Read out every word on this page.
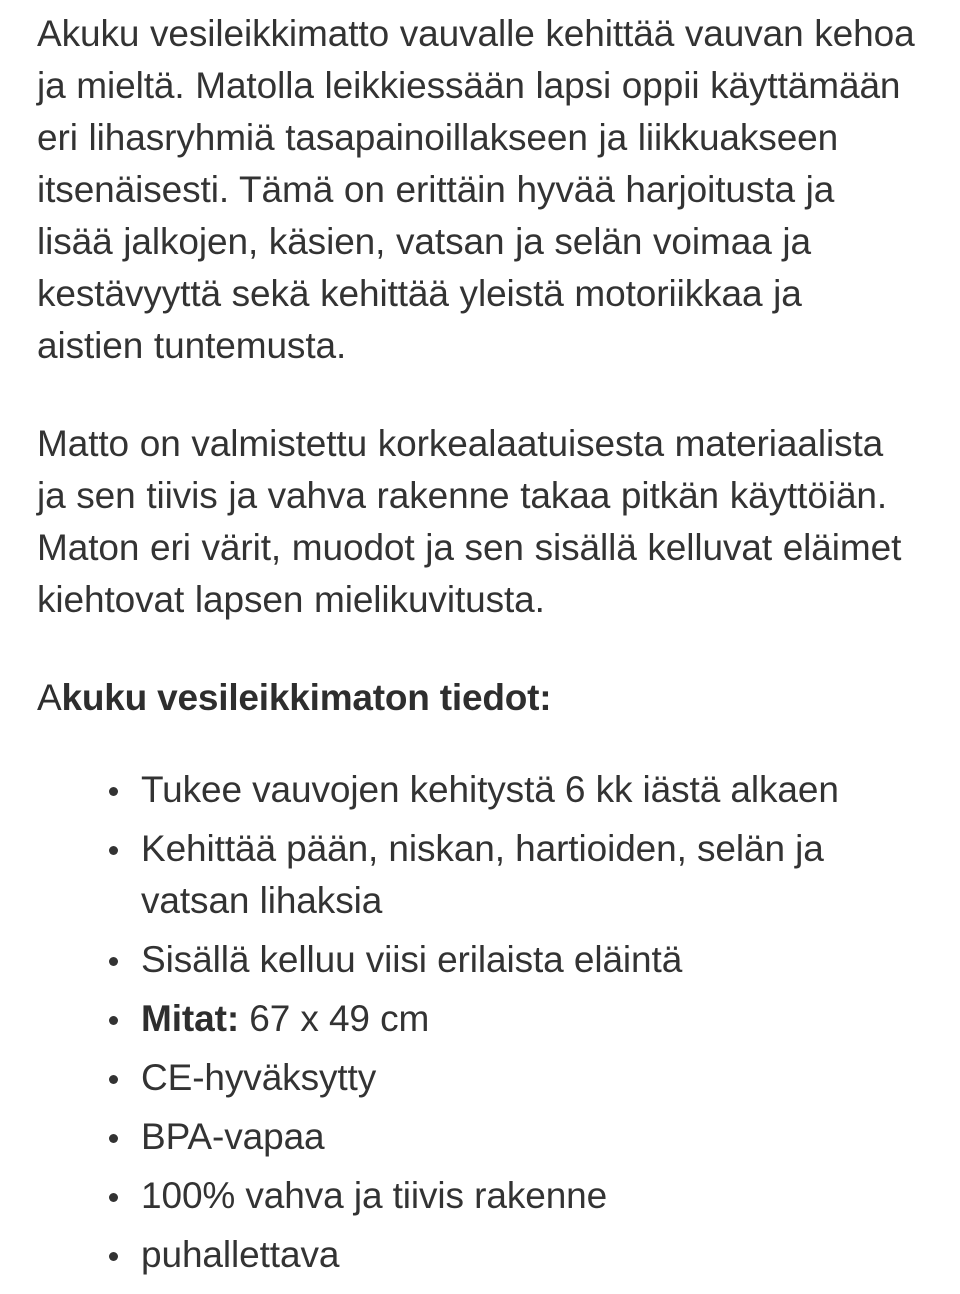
Akuku vesileikkimatto vauvalle kehittää vauvan kehoa ja mieltä. Matolla leikkiessään lapsi oppii käyttämään eri lihasryhmiä tasapainoillakseen ja liikkuakseen itsenäisesti. Tämä on erittäin hyvää harjoitusta ja lisää jalkojen, käsien, vatsan ja selän voimaa ja kestävyyttä sekä kehittää yleistä motoriikkaa ja aistien tuntemusta.

Matto on valmistettu korkealaatuisesta materiaalista ja sen tiivis ja vahva rakenne takaa pitkän käyttöiän. Maton eri värit, muodot ja sen sisällä kelluvat eläimet kiehtovat lapsen mielikuvitusta.

Akuku vesileikkimaton tiedot:
Tukee vauvojen kehitystä 6 kk iästä alkaen
Kehittää pään, niskan, hartioiden, selän ja vatsan lihaksia
Sisällä kelluu viisi erilaista eläintä
Mitat: 67 x 49 cm
CE-hyväksytty
BPA-vapaa
100% vahva ja tiivis rakenne
puhallettava
